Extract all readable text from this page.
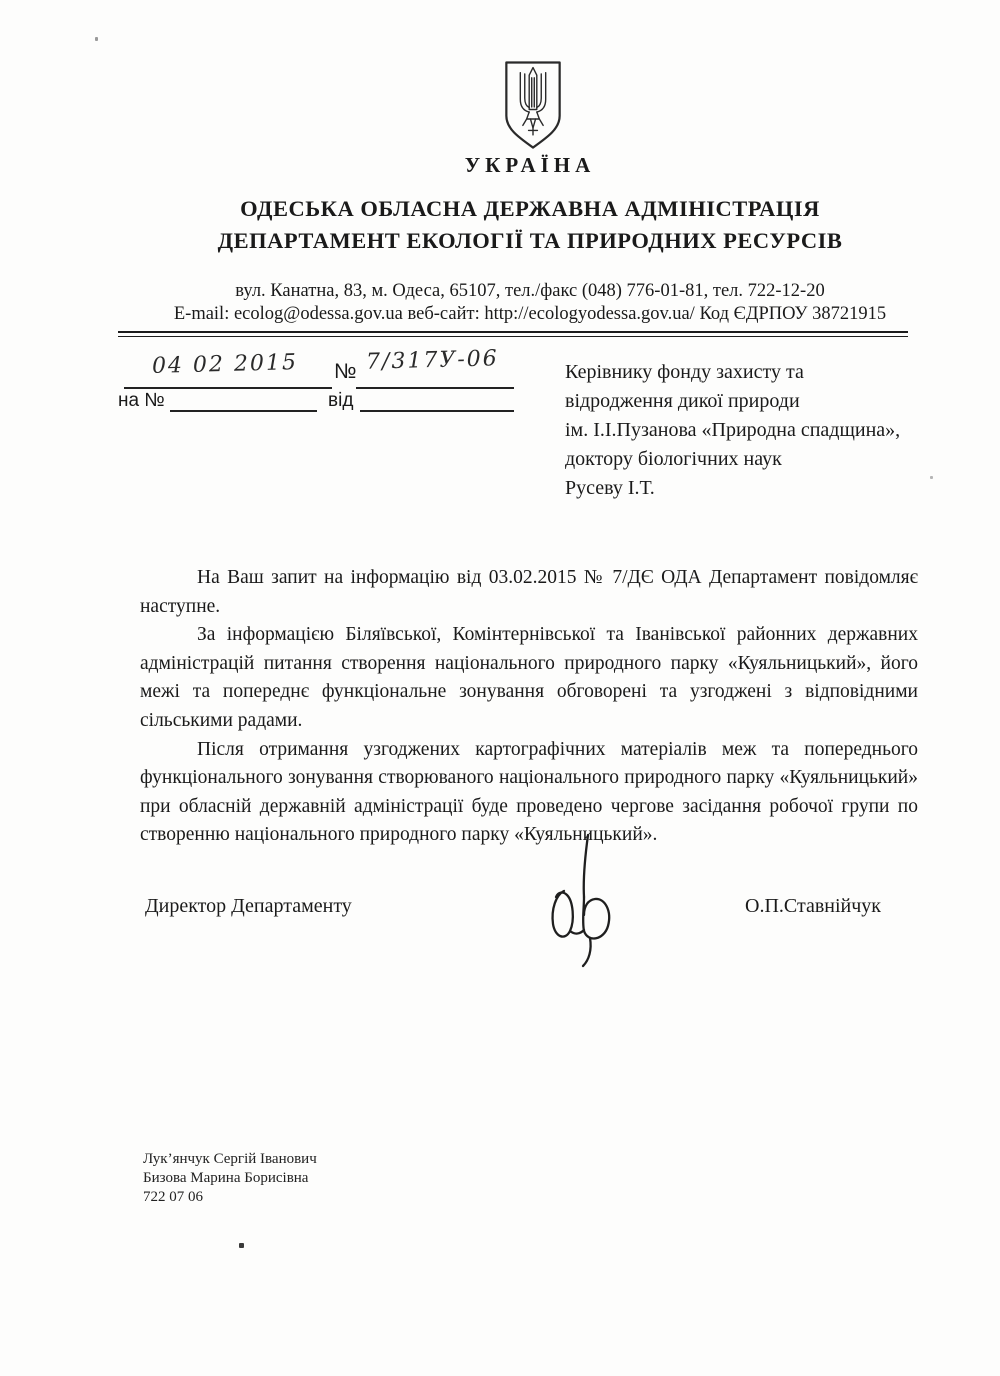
УКРАЇНА
ОДЕСЬКА ОБЛАСНА ДЕРЖАВНА АДМІНІСТРАЦІЯ
ДЕПАРТАМЕНТ ЕКОЛОГІЇ ТА ПРИРОДНИХ РЕСУРСІВ
вул. Канатна, 83, м. Одеса, 65107, тел./факс (048) 776-01-81, тел. 722-12-20
E-mail: ecolog@odessa.gov.ua веб-сайт: http://ecologyodessa.gov.ua/ Код ЄДРПОУ 38721915
04 02 2015 № 7/317У-06
на №	від
Керівнику фонду захисту та
відродження дикої природи
ім. І.І.Пузанова «Природна спадщина»,
доктору біологічних наук
Русеву І.Т.

На Ваш запит на інформацію від 03.02.2015 № 7/ДЄ ОДА Департамент повідомляє наступне.

За інформацією Біляївської, Комінтернівської та Іванівської районних державних адміністрацій питання створення національного природного парку «Куяльницький», його межі та попереднє функціональне зонування обговорені та узгоджені з відповідними сільськими радами.

Після отримання узгоджених картографічних матеріалів меж та попереднього функціонального зонування створюваного національного природного парку «Куяльницький» при обласній державній адміністрації буде проведено чергове засідання робочої групи по створенню національного природного парку «Куяльницький».

Директор Департаменту	О.П.Ставнійчук
Лук’янчук Сергій Іванович
Бизова Марина Борисівна
722 07 06
